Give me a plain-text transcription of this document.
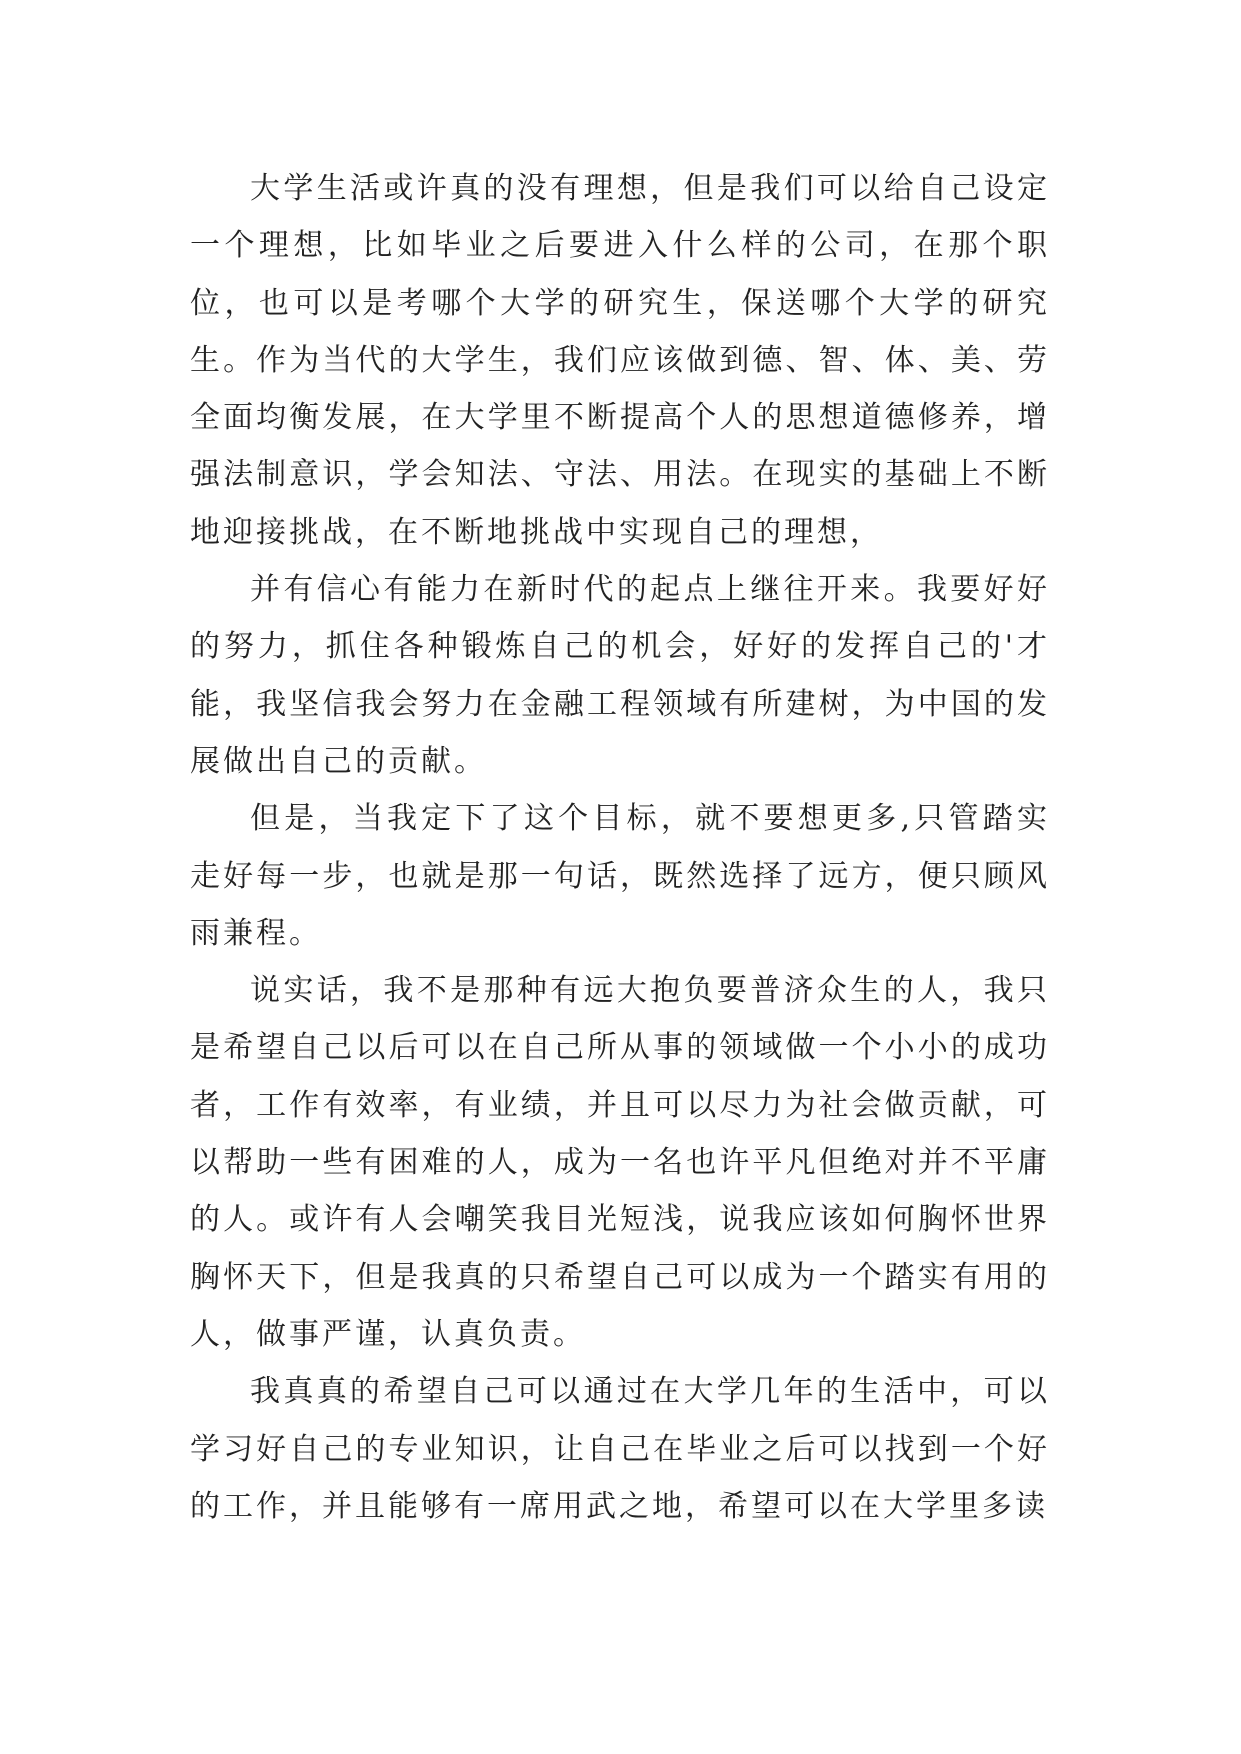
大学生活或许真的没有理想，但是我们可以给自己设定一个理想，比如毕业之后要进入什么样的公司，在那个职位，也可以是考哪个大学的研究生，保送哪个大学的研究生。作为当代的大学生，我们应该做到德、智、体、美、劳全面均衡发展，在大学里不断提高个人的思想道德修养，增强法制意识，学会知法、守法、用法。在现实的基础上不断地迎接挑战，在不断地挑战中实现自己的理想，

并有信心有能力在新时代的起点上继往开来。我要好好的努力，抓住各种锻炼自己的机会，好好的发挥自己的'才能，我坚信我会努力在金融工程领域有所建树，为中国的发展做出自己的贡献。

但是，当我定下了这个目标，就不要想更多,只管踏实走好每一步，也就是那一句话，既然选择了远方，便只顾风雨兼程。

说实话，我不是那种有远大抱负要普济众生的人，我只是希望自己以后可以在自己所从事的领域做一个小小的成功者，工作有效率，有业绩，并且可以尽力为社会做贡献，可以帮助一些有困难的人，成为一名也许平凡但绝对并不平庸的人。或许有人会嘲笑我目光短浅，说我应该如何胸怀世界胸怀天下，但是我真的只希望自己可以成为一个踏实有用的人，做事严谨，认真负责。

我真真的希望自己可以通过在大学几年的生活中，可以学习好自己的专业知识，让自己在毕业之后可以找到一个好的工作，并且能够有一席用武之地，希望可以在大学里多读
